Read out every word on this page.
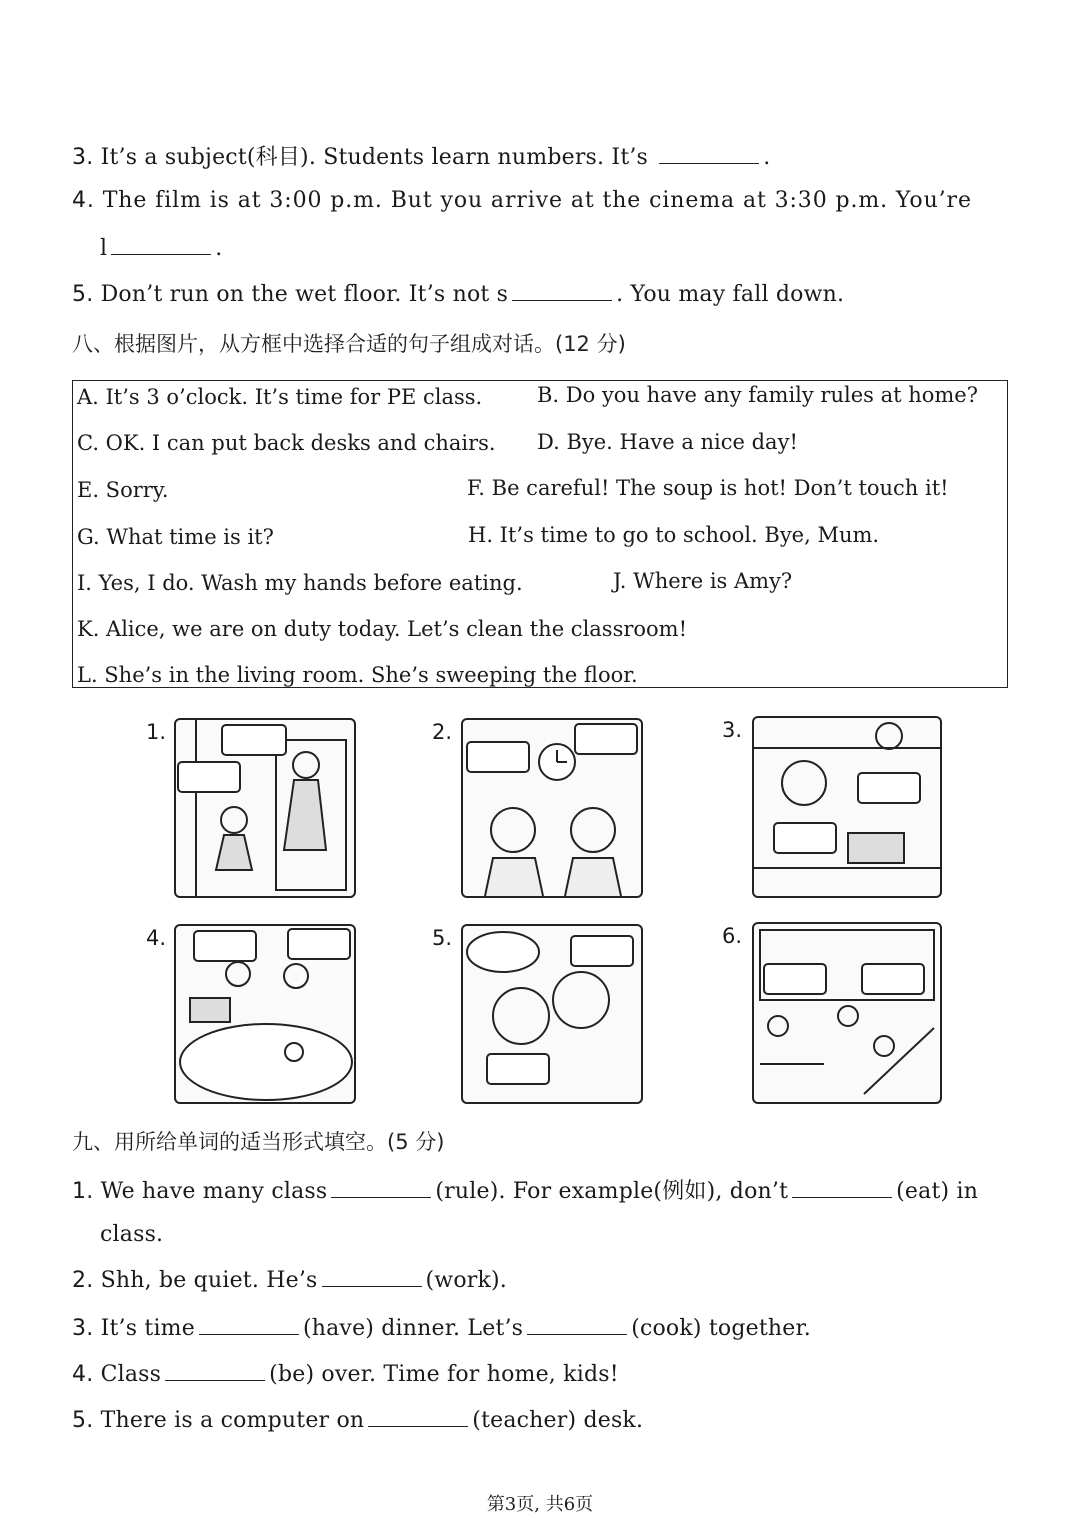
3. It’s a subject(科目). Students learn numbers. It’s	.
4. The film is at 3:00 p.m. But you arrive at the cinema at 3:30 p.m. You’re
l	.
5. Don’t run on the wet floor. It’s not s	. You may fall down.
八、根据图片，从方框中选择合适的句子组成对话。(12 分)
A. It’s 3 o’clock. It’s time for PE class.	B. Do you have any family rules at home?
C. OK. I can put back desks and chairs. D. Bye. Have a nice day!
E. Sorry.	F. Be careful! The soup is hot! Don’t touch it!
G. What time is it?	H. It’s time to go to school. Bye, Mum.
I. Yes, I do. Wash my hands before eating.	J. Where is Amy?
K. Alice, we are on duty today. Let’s clean the classroom!
L. She’s in the living room. She’s sweeping the floor.
1.	2.	3.
4.	5.	6.
九、用所给单词的适当形式填空。(5 分)
1. We have many class	(rule). For example(例如), don’t	(eat) in
class.
2. Shh, be quiet. He’s	(work).
3. It’s time	(have) dinner. Let’s	(cook) together.
4. Class	(be) over. Time for home, kids!
5. There is a computer on	(teacher) desk.
第3页, 共6页
